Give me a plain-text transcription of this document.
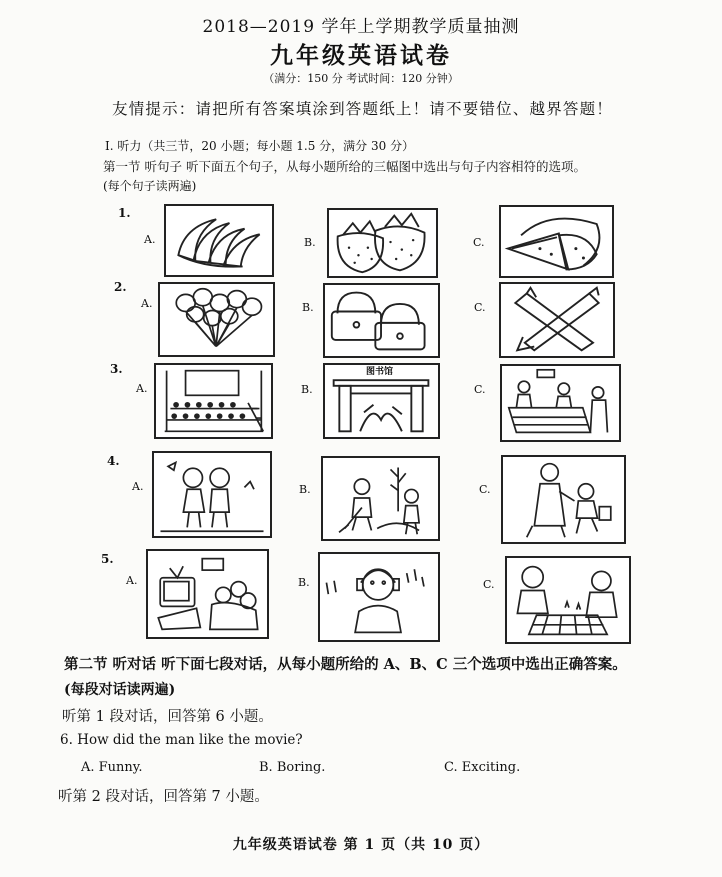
2018—2019 学年上学期教学质量抽测
九年级英语试卷
（满分：150 分 考试时间：120 分钟）
友情提示：请把所有答案填涂到答题纸上！请不要错位、越界答题！
I. 听力（共三节，20 小题；每小题 1.5 分，满分 30 分）
第一节 听句子 听下面五个句子，从每小题所给的三幅图中选出与句子内容相符的选项。
(每个句子读两遍)
1.
A.	B.	C.
2.
A.	B.	C.
3.
A.	B.
图书馆
C.
4.
A.	B.	C.
5.
A.	B.	C.
第二节 听对话 听下面七段对话，从每小题所给的 A、B、C 三个选项中选出正确答案。
(每段对话读两遍)
听第 1 段对话，回答第 6 小题。
6. How did the man like the movie?
A. Funny.	B. Boring.	C. Exciting.
听第 2 段对话，回答第 7 小题。
九年级英语试卷 第 1 页（共 10 页）
